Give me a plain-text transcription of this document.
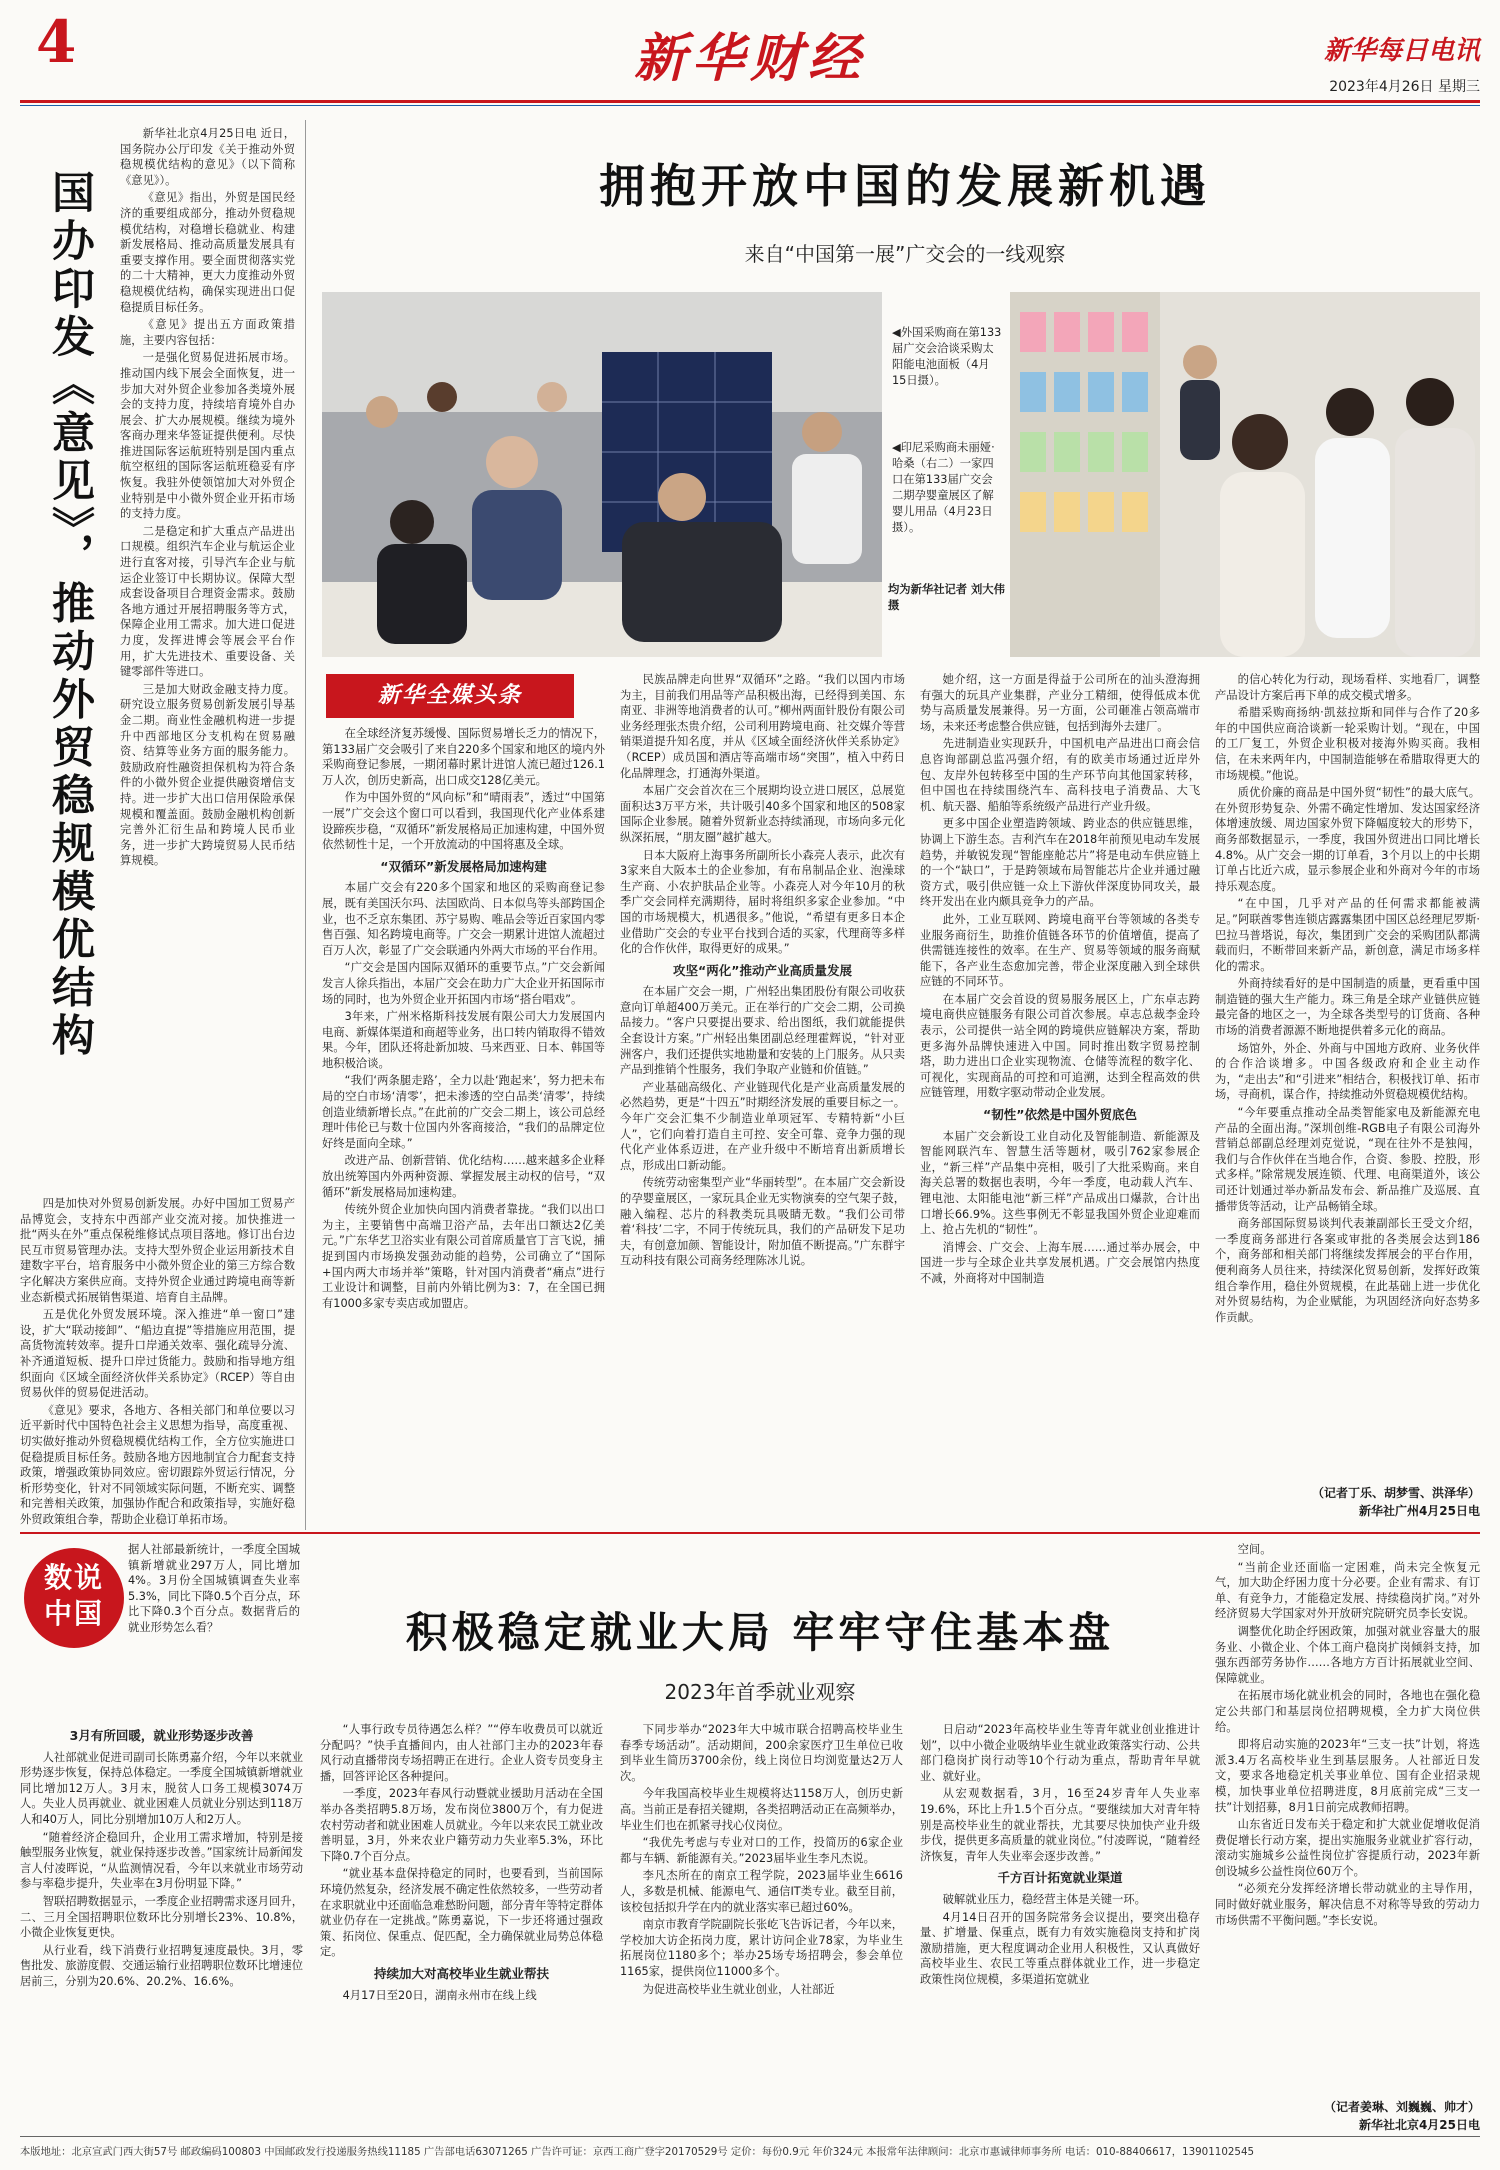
4	新华财经	新华每日电讯
2023年4月26日 星期三
国办印发《意见》，推动外贸稳规模优结构

新华社北京4月25日电 近日，国务院办公厅印发《关于推动外贸稳规模优结构的意见》（以下简称《意见》）。

《意见》指出，外贸是国民经济的重要组成部分，推动外贸稳规模优结构，对稳增长稳就业、构建新发展格局、推动高质量发展具有重要支撑作用。要全面贯彻落实党的二十大精神，更大力度推动外贸稳规模优结构，确保实现进出口促稳提质目标任务。

《意见》提出五方面政策措施，主要内容包括：

一是强化贸易促进拓展市场。推动国内线下展会全面恢复，进一步加大对外贸企业参加各类境外展会的支持力度，持续培育境外自办展会、扩大办展规模。继续为境外客商办理来华签证提供便利。尽快推进国际客运航班特别是国内重点航空枢纽的国际客运航班稳妥有序恢复。我驻外使领馆加大对外贸企业特别是中小微外贸企业开拓市场的支持力度。

二是稳定和扩大重点产品进出口规模。组织汽车企业与航运企业进行直客对接，引导汽车企业与航运企业签订中长期协议。保障大型成套设备项目合理资金需求。鼓励各地方通过开展招聘服务等方式，保障企业用工需求。加大进口促进力度，发挥进博会等展会平台作用，扩大先进技术、重要设备、关键零部件等进口。

三是加大财政金融支持力度。研究设立服务贸易创新发展引导基金二期。商业性金融机构进一步提升中西部地区分支机构在贸易融资、结算等业务方面的服务能力。鼓励政府性融资担保机构为符合条件的小微外贸企业提供融资增信支持。进一步扩大出口信用保险承保规模和覆盖面。鼓励金融机构创新完善外汇衍生品和跨境人民币业务，进一步扩大跨境贸易人民币结算规模。

四是加快对外贸易创新发展。办好中国加工贸易产品博览会，支持东中西部产业交流对接。加快推进一批“两头在外”重点保税维修试点项目落地。修订出台边民互市贸易管理办法。支持大型外贸企业运用新技术自建数字平台，培育服务中小微外贸企业的第三方综合数字化解决方案供应商。支持外贸企业通过跨境电商等新业态新模式拓展销售渠道、培育自主品牌。

五是优化外贸发展环境。深入推进“单一窗口”建设，扩大“联动接卸”、“船边直提”等措施应用范围，提高货物流转效率。提升口岸通关效率、强化疏导分流、补齐通道短板、提升口岸过货能力。鼓励和指导地方组织面向《区域全面经济伙伴关系协定》（RCEP）等自由贸易伙伴的贸易促进活动。

《意见》要求，各地方、各相关部门和单位要以习近平新时代中国特色社会主义思想为指导，高度重视、切实做好推动外贸稳规模优结构工作，全方位实施进口促稳提质目标任务。鼓励各地方因地制宜合力配套支持政策，增强政策协同效应。密切跟踪外贸运行情况，分析形势变化，针对不同领域实际问题，不断充实、调整和完善相关政策，加强协作配合和政策指导，实施好稳外贸政策组合拳，帮助企业稳订单拓市场。

拥抱开放中国的发展新机遇
来自“中国第一展”广交会的一线观察
◀外国采购商在第133届广交会洽谈采购太阳能电池面板（4月15日摄）。
◀印尼采购商未丽娅·哈桑（右二）一家四口在第133届广交会二期孕婴童展区了解婴儿用品（4月23日摄）。
均为新华社记者 刘大伟摄
新华全媒头条

在全球经济复苏缓慢、国际贸易增长乏力的情况下，第133届广交会吸引了来自220多个国家和地区的境内外采购商登记参展，一期闭幕时累计进馆人流已超过126.1万人次，创历史新高，出口成交128亿美元。

作为中国外贸的“风向标”和“晴雨表”，透过“中国第一展”广交会这个窗口可以看到，我国现代化产业体系建设蹄疾步稳，“双循环”新发展格局正加速构建，中国外贸依然韧性十足，一个开放流动的中国将惠及全球。

“双循环”新发展格局加速构建

本届广交会有220多个国家和地区的采购商登记参展，既有美国沃尔玛、法国欧尚、日本似鸟等头部跨国企业，也不乏京东集团、苏宁易购、唯品会等近百家国内零售百强、知名跨境电商等。广交会一期累计进馆人流超过百万人次，彰显了广交会联通内外两大市场的平台作用。

“广交会是国内国际双循环的重要节点。”广交会新闻发言人徐兵指出，本届广交会在助力广大企业开拓国际市场的同时，也为外贸企业开拓国内市场“搭台唱戏”。

3年来，广州米格斯科技发展有限公司大力发展国内电商、新媒体渠道和商超等业务，出口转内销取得不错效果。今年，团队还将赴新加坡、马来西亚、日本、韩国等地积极洽谈。

“我们‘两条腿走路’，全力以赴‘跑起来’，努力把未布局的空白市场‘清零’，把未渗透的空白品类‘清零’，持续创造业绩新增长点。”在此前的广交会二期上，该公司总经理叶伟伦已与数十位国内外客商接洽，“我们的品牌定位好终是面向全球。”

改进产品、创新营销、优化结构……越来越多企业释放出统筹国内外两种资源、掌握发展主动权的信号，“双循环”新发展格局加速构建。

传统外贸企业加快向国内消费者靠拢。“我们以出口为主，主要销售中高端卫浴产品，去年出口额达2亿美元。”广东华艺卫浴实业有限公司首席质量官丁言飞说，捕捉到国内市场换发强劲动能的趋势，公司确立了“国际+国内两大市场并举”策略，针对国内消费者“痛点”进行工业设计和调整，目前内外销比例为3：7，在全国已拥有1000多家专卖店或加盟店。

民族品牌走向世界“双循环”之路。“我们以国内市场为主，目前我们用品等产品积极出海，已经得到美国、东南亚、非洲等地消费者的认可。”柳州两面针股份有限公司业务经理张杰贵介绍，公司利用跨境电商、社交媒介等营销渠道提升知名度，并从《区域全面经济伙伴关系协定》（RCEP）成员国和酒店等高端市场“突围”，植入中药日化品牌理念，打通海外渠道。

本届广交会首次在三个展期均设立进口展区，总展览面积达3万平方米，共计吸引40多个国家和地区的508家国际企业参展。随着外贸新业态持续涌现，市场向多元化纵深拓展，“朋友圈”越扩越大。

日本大阪府上海事务所副所长小森亮人表示，此次有3家来自大阪本土的企业参加，有布帛制品企业、泡澡球生产商、小农护肤品企业等。小森亮人对今年10月的秋季广交会同样充满期待，届时将组织多家企业参加。“中国的市场规模大，机遇很多。”他说，“希望有更多日本企业借助广交会的专业平台找到合适的买家，代理商等多样化的合作伙伴，取得更好的成果。”

攻坚“两化”推动产业高质量发展

在本届广交会一期，广州轻出集团股份有限公司收获意向订单超400万美元。正在举行的广交会二期，公司换品接力。“客户只要提出要求、给出图纸，我们就能提供全套设计方案。”广州轻出集团副总经理霍辉说，“针对亚洲客户，我们还提供实地勘量和安装的上门服务。从只卖产品到推销个性服务，我们争取产业链和价值链。”

产业基础高级化、产业链现代化是产业高质量发展的必然趋势，更是“十四五”时期经济发展的重要目标之一。今年广交会汇集不少制造业单项冠军、专精特新“小巨人”，它们向着打造自主可控、安全可靠、竞争力强的现代化产业体系迈进，在产业升级中不断培育出新质增长点，形成出口新动能。

传统劳动密集型产业“华丽转型”。在本届广交会新设的孕婴童展区，一家玩具企业无实物演奏的空气架子鼓，融入编程、芯片的科教类玩具吸睛无数。“我们公司带着‘科技’二字，不同于传统玩具，我们的产品研发下足功夫，有创意加颜、智能设计，附加值不断提高。”广东群宇互动科技有限公司商务经理陈冰儿说。

她介绍，这一方面是得益于公司所在的汕头澄海拥有强大的玩具产业集群，产业分工精细，使得低成本优势与高质量发展兼得。另一方面，公司砸准占领高端市场，未来还考虑整合供应链，包括到海外去建厂。

先进制造业实现跃升，中国机电产品进出口商会信息咨询部副总监冯强介绍，有的欧美市场通过近岸外包、友岸外包转移至中国的生产环节向其他国家转移，但中国也在持续围绕汽车、高科技电子消费品、大飞机、航天器、船舶等系统级产品进行产业升级。

更多中国企业塑造跨领域、跨业态的供应链思维，协调上下游生态。吉利汽车在2018年前预见电动车发展趋势，并敏锐发现“智能座舱芯片”将是电动车供应链上的一个“缺口”，于是跨领域布局智能芯片企业并通过融资方式，吸引供应链一众上下游伙伴深度协同攻关，最终开发出在业内颇具竞争力的产品。

此外，工业互联网、跨境电商平台等领域的各类专业服务商衍生，助推价值链各环节的价值增值，提高了供需链连接性的效率。在生产、贸易等领域的服务商赋能下，各产业生态愈加完善，带企业深度融入到全球供应链的不同环节。

在本届广交会首设的贸易服务展区上，广东卓志跨境电商供应链服务有限公司首次参展。卓志总裁李金玲表示，公司提供一站全网的跨境供应链解决方案，帮助更多海外品牌快速进入中国。同时推出数字贸易控制塔，助力进出口企业实现物流、仓储等流程的数字化、可视化，实现商品的可控和可追溯，达到全程高效的供应链管理，用数字驱动带动企业发展。

“韧性”依然是中国外贸底色

本届广交会新设工业自动化及智能制造、新能源及智能网联汽车、智慧生活等题材，吸引762家参展企业，“新三样”产品集中亮相，吸引了大批采购商。来自海关总署的数据也表明，今年一季度，电动载人汽车、锂电池、太阳能电池“新三样”产品成出口爆款，合计出口增长66.9%。这些事例无不彰显我国外贸企业迎难而上、抢占先机的“韧性”。

消博会、广交会、上海车展……通过举办展会，中国进一步与全球企业共享发展机遇。广交会展馆内热度不减，外商将对中国制造

的信心转化为行动，现场看样、实地看厂，调整产品设计方案后再下单的成交模式增多。

希腊采购商扬纳·凯兹拉斯和同伴与合作了20多年的中国供应商洽谈新一轮采购计划。“现在，中国的工厂复工，外贸企业积极对接海外购买商。我相信，在未来两年内，中国制造能够在希腊取得更大的市场规模。”他说。

质优价廉的商品是中国外贸“韧性”的最大底气。在外贸形势复杂、外需不确定性增加、发达国家经济体增速放缓、周边国家外贸下降幅度较大的形势下，商务部数据显示，一季度，我国外贸进出口同比增长4.8%。从广交会一期的订单看，3个月以上的中长期订单占比近六成，显示参展企业和外商对今年的市场持乐观态度。

“在中国，几乎对产品的任何需求都能被满足。”阿联酋零售连锁店露露集团中国区总经理尼罗斯·巴拉马普塔说，每次，集团到广交会的采购团队都满载而归，不断带回来新产品，新创意，满足市场多样化的需求。

外商持续看好的是中国制造的质量，更看重中国制造链的强大生产能力。珠三角是全球产业链供应链最完备的地区之一，为全球各类型号的订货商、各种市场的消费者源源不断地提供着多元化的商品。

场馆外，外企、外商与中国地方政府、业务伙伴的合作洽谈增多。中国各级政府和企业主动作为，“走出去”和“引进来”相结合，积极找订单、拓市场，寻商机，谋合作，持续推动外贸稳规模优结构。

“今年要重点推动全品类智能家电及新能源充电产品的全面出海。”深圳创维-RGB电子有限公司海外营销总部副总经理刘克觉说，“现在往外不是独闯，我们与合作伙伴在当地合作，合资、参股、控股，形式多样。”除常规发展连锁、代理、电商渠道外，该公司还计划通过举办新品发布会、新品推广及巡展、直播带货等活动，让产品畅销全球。

商务部国际贸易谈判代表兼副部长王受文介绍，一季度商务部进行各案或审批的各类展会达到186个，商务部和相关部门将继续发挥展会的平台作用，便利商务人员往来，持续深化贸易创新，发挥好政策组合拳作用，稳住外贸规模，在此基础上进一步优化对外贸易结构，为企业赋能，为巩固经济向好态势多作贡献。

（记者丁乐、胡梦雪、洪泽华）
新华社广州4月25日电
数说中国
据人社部最新统计，一季度全国城镇新增就业297万人，同比增加4%。3月份全国城镇调查失业率5.3%，同比下降0.5个百分点，环比下降0.3个百分点。数据背后的就业形势怎么看？	积极稳定就业大局 牢牢守住基本盘
2023年首季就业观察
3月有所回暖，就业形势逐步改善

人社部就业促进司副司长陈勇嘉介绍，今年以来就业形势逐步恢复，保持总体稳定。一季度全国城镇新增就业同比增加12万人。3月末，脱贫人口务工规模3074万人。失业人员再就业、就业困难人员就业分别达到118万人和40万人，同比分别增加10万人和2万人。

“随着经济企稳回升，企业用工需求增加，特别是接触型服务业恢复，就业保持逐步改善。”国家统计局新闻发言人付凌晖说，“从监测情况看，今年以来就业市场劳动参与率稳步提升，失业率在3月份明显下降。”

智联招聘数据显示，一季度企业招聘需求逐月回升，二、三月全国招聘职位数环比分别增长23%、10.8%，小微企业恢复更快。

从行业看，线下消费行业招聘复速度最快。3月，零售批发、旅游度假、交通运输行业招聘职位数环比增速位居前三，分别为20.6%、20.2%、16.6%。

“人事行政专员待遇怎么样？”“停车收费员可以就近分配吗？”快手直播间内，由人社部门主办的2023年春风行动直播带岗专场招聘正在进行。企业人资专员变身主播，回答评论区各种提问。

一季度，2023年春风行动暨就业援助月活动在全国举办各类招聘5.8万场，发布岗位3800万个，有力促进农村劳动者和就业困难人员就业。今年以来农民工就业改善明显，3月，外来农业户籍劳动力失业率5.3%，环比下降0.7个百分点。

“就业基本盘保持稳定的同时，也要看到，当前国际环境仍然复杂，经济发展不确定性依然较多，一些劳动者在求职就业中还面临急难愁盼问题，部分青年等特定群体就业仍存在一定挑战。”陈勇嘉说，下一步还将通过强政策、拓岗位、保重点、促匹配，全力确保就业局势总体稳定。

持续加大对高校毕业生就业帮扶

4月17日至20日，湖南永州市在线上线

下同步举办“2023年大中城市联合招聘高校毕业生春季专场活动”。活动期间，200余家医疗卫生单位已收到毕业生简历3700余份，线上岗位日均浏览量达2万人次。

今年我国高校毕业生规模将达1158万人，创历史新高。当前正是春招关键期，各类招聘活动正在高频举办，毕业生们也在抓紧寻找心仪岗位。

“我优先考虑与专业对口的工作，投简历的6家企业都与车辆、新能源有关。”2023届毕业生李凡杰说。

李凡杰所在的南京工程学院，2023届毕业生6616人，多数是机械、能源电气、通信IT类专业。截至目前，该校包括拟升学在内的就业落实率已超过60%。

南京市教育学院副院长张屹飞告诉记者，今年以来，学校加大访企拓岗力度，累计访问企业78家，为毕业生拓展岗位1180多个；举办25场专场招聘会，参会单位1165家，提供岗位11000多个。

为促进高校毕业生就业创业，人社部近

日启动“2023年高校毕业生等青年就业创业推进计划”，以中小微企业吸纳毕业生就业政策落实行动、公共部门稳岗扩岗行动等10个行动为重点，帮助青年早就业、就好业。

从宏观数据看，3月，16至24岁青年人失业率19.6%，环比上升1.5个百分点。“要继续加大对青年特别是高校毕业生的就业帮扶，尤其要尽快加快产业升级步伐，提供更多高质量的就业岗位。”付凌晖说，“随着经济恢复，青年人失业率会逐步改善。”

千方百计拓宽就业渠道

破解就业压力，稳经营主体是关键一环。

4月14日召开的国务院常务会议提出，要突出稳存量、扩增量、保重点，既有力有效实施稳岗支持和扩岗激励措施，更大程度调动企业用人积极性，又认真做好高校毕业生、农民工等重点群体就业工作，进一步稳定政策性岗位规模，多渠道拓宽就业

空间。

“当前企业还面临一定困难，尚未完全恢复元气，加大助企纾困力度十分必要。企业有需求、有订单、有竞争力，才能稳定发展、持续稳岗扩岗。”对外经济贸易大学国家对外开放研究院研究员李长安说。

调整优化助企纾困政策，加强对就业容量大的服务业、小微企业、个体工商户稳岗扩岗倾斜支持，加强东西部劳务协作……各地方方百计拓展就业空间、保障就业。

在拓展市场化就业机会的同时，各地也在强化稳定公共部门和基层岗位招聘规模，全力扩大岗位供给。

即将启动实施的2023年“三支一扶”计划，将选派3.4万名高校毕业生到基层服务。人社部近日发文，要求各地稳定机关事业单位、国有企业招录规模，加快事业单位招聘进度，8月底前完成“三支一扶”计划招募，8月1日前完成教师招聘。

山东省近日发布关于稳定和扩大就业促增收促消费促增长行动方案，提出实施服务业就业扩容行动，滚动实施城乡公益性岗位扩容提质行动，2023年新创设城乡公益性岗位60万个。

“必须充分发挥经济增长带动就业的主导作用，同时做好就业服务，解决信息不对称等导致的劳动力市场供需不平衡问题。”李长安说。

（记者姜琳、刘巍巍、帅才）
新华社北京4月25日电
本版地址：北京宣武门西大街57号 邮政编码100803 中国邮政发行投递服务热线11185 广告部电话63071265 广告许可证：京西工商广登字20170529号 定价：每份0.9元 年价324元 本报常年法律顾问：北京市惠诚律师事务所 电话：010-88406617，13901102545
